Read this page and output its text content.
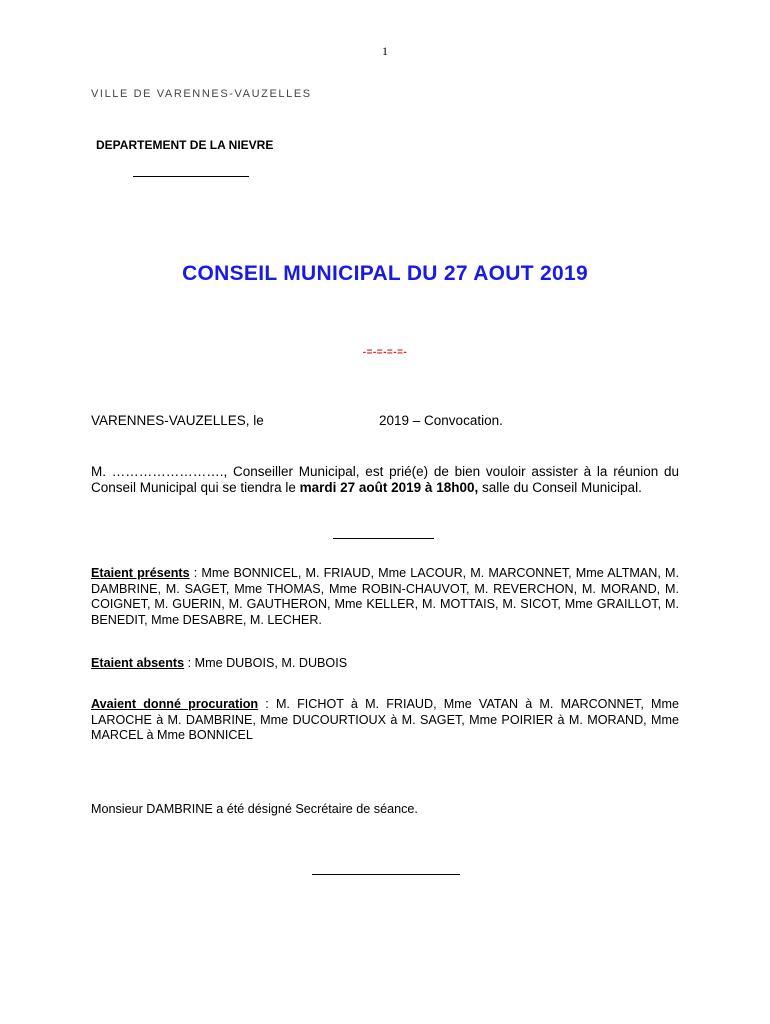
1
VILLE DE VARENNES-VAUZELLES
DEPARTEMENT DE LA NIEVRE
CONSEIL MUNICIPAL DU 27 AOUT 2019
-=-=-=-=-
VARENNES-VAUZELLES, le	2019 – Convocation.
M. ……………………., Conseiller Municipal, est prié(e) de bien vouloir assister à la réunion du Conseil Municipal qui se tiendra le mardi 27 août 2019 à 18h00, salle du Conseil Municipal.
Etaient présents : Mme BONNICEL, M. FRIAUD, Mme LACOUR, M. MARCONNET, Mme ALTMAN, M. DAMBRINE, M. SAGET, Mme THOMAS, Mme ROBIN-CHAUVOT, M. REVERCHON, M. MORAND, M. COIGNET, M. GUERIN, M. GAUTHERON, Mme KELLER, M. MOTTAIS, M. SICOT, Mme GRAILLOT, M. BENEDIT, Mme DESABRE, M. LECHER.
Etaient absents : Mme DUBOIS, M. DUBOIS
Avaient donné procuration : M. FICHOT à M. FRIAUD, Mme VATAN à M. MARCONNET, Mme LAROCHE à M. DAMBRINE, Mme DUCOURTIOUX à M. SAGET, Mme POIRIER à M. MORAND, Mme MARCEL à Mme BONNICEL
Monsieur DAMBRINE a été désigné Secrétaire de séance.
